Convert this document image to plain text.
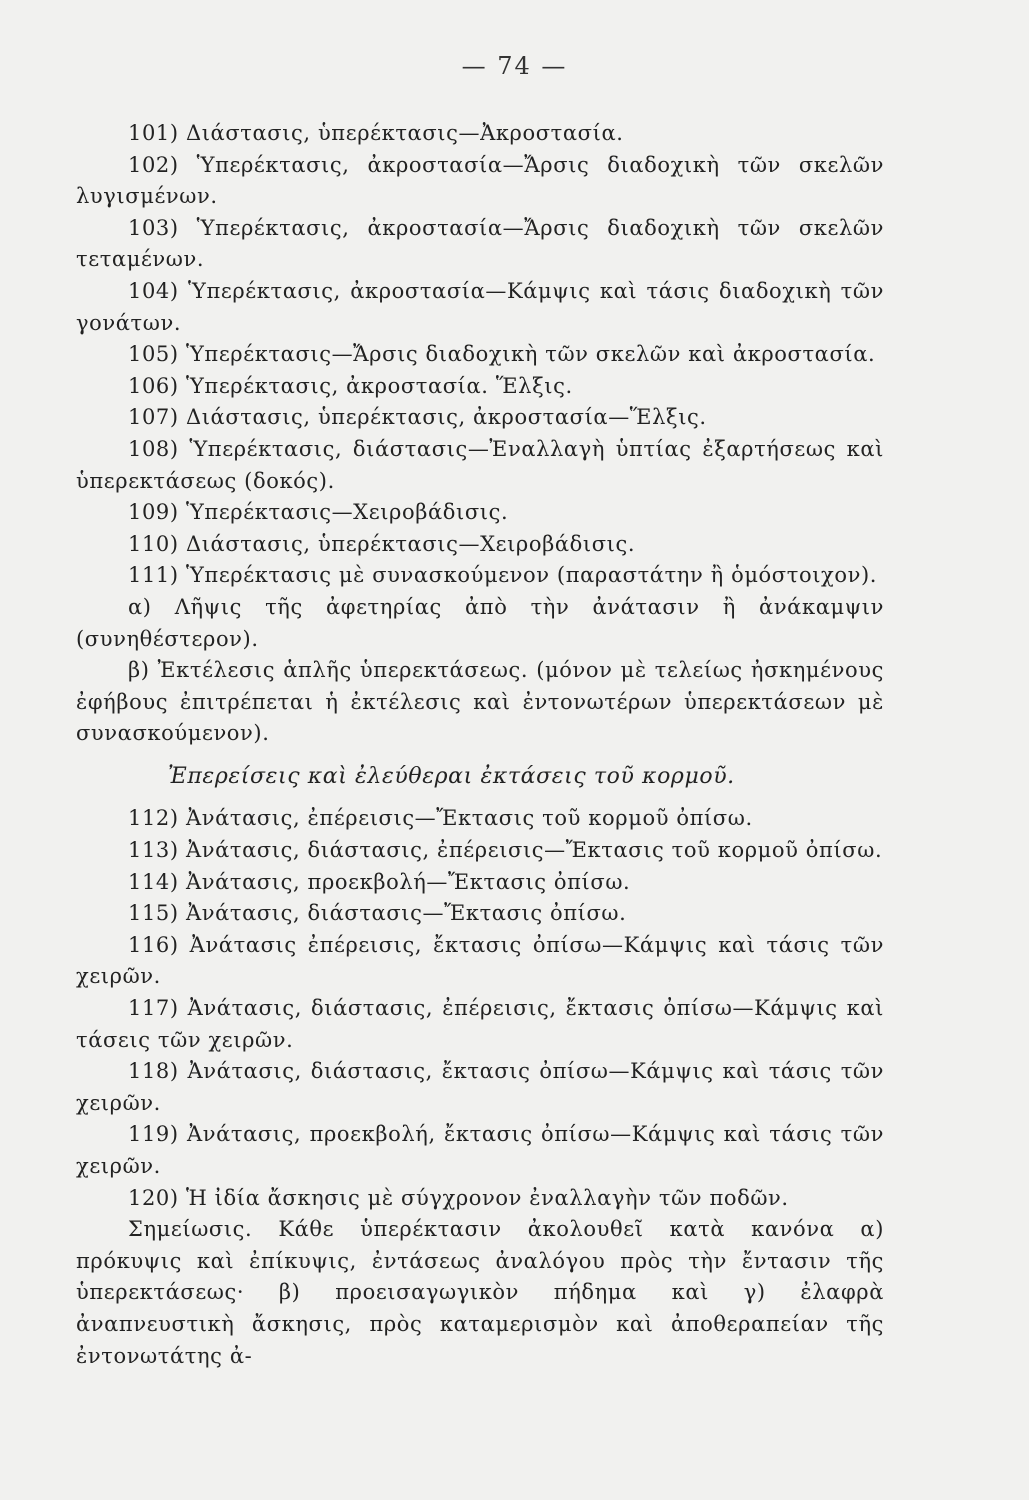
— 74 —

101) Διάστασις, ὑπερέκτασις—Ἀκροστασία.

102) Ὑπερέκτασις, ἀκροστασία—Ἄρσις διαδοχικὴ τῶν σκελῶν λυγισμένων.

103) Ὑπερέκτασις, ἀκροστασία—Ἄρσις διαδοχικὴ τῶν σκελῶν τεταμένων.

104) Ὑπερέκτασις, ἀκροστασία—Κάμψις καὶ τάσις διαδοχικὴ τῶν γονάτων.

105) Ὑπερέκτασις—Ἄρσις διαδοχικὴ τῶν σκελῶν καὶ ἀκροστασία.

106) Ὑπερέκτασις, ἀκροστασία. Ἕλξις.

107) Διάστασις, ὑπερέκτασις, ἀκροστασία—Ἕλξις.

108) Ὑπερέκτασις, διάστασις—Ἐναλλαγὴ ὑπτίας ἐξαρτήσεως καὶ ὑπερεκτάσεως (δοκός).

109) Ὑπερέκτασις—Χειροβάδισις.

110) Διάστασις, ὑπερέκτασις—Χειροβάδισις.

111) Ὑπερέκτασις μὲ συνασκούμενον (παραστάτην ἢ ὁμόστοιχον).

α) Λῆψις τῆς ἀφετηρίας ἀπὸ τὴν ἀνάτασιν ἢ ἀνάκαμψιν (συνηθέστερον).

β) Ἐκτέλεσις ἁπλῆς ὑπερεκτάσεως. (μόνον μὲ τελείως ἠσκημένους ἐφήβους ἐπιτρέπεται ἡ ἐκτέλεσις καὶ ἐντονωτέρων ὑπερεκτάσεων μὲ συνασκούμενον).

Ἐπερείσεις καὶ ἐλεύθεραι ἐκτάσεις τοῦ κορμοῦ.

112) Ἀνάτασις, ἐπέρεισις—Ἔκτασις τοῦ κορμοῦ ὀπίσω.

113) Ἀνάτασις, διάστασις, ἐπέρεισις—Ἔκτασις τοῦ κορμοῦ ὀπίσω.

114) Ἀνάτασις, προεκβολή—Ἔκτασις ὀπίσω.

115) Ἀνάτασις, διάστασις—Ἔκτασις ὀπίσω.

116) Ἀνάτασις ἐπέρεισις, ἔκτασις ὀπίσω—Κάμψις καὶ τάσις τῶν χειρῶν.

117) Ἀνάτασις, διάστασις, ἐπέρεισις, ἔκτασις ὀπίσω—Κάμψις καὶ τάσεις τῶν χειρῶν.

118) Ἀνάτασις, διάστασις, ἔκτασις ὀπίσω—Κάμψις καὶ τάσις τῶν χειρῶν.

119) Ἀνάτασις, προεκβολή, ἔκτασις ὀπίσω—Κάμψις καὶ τάσις τῶν χειρῶν.

120) Ἡ ἰδία ἄσκησις μὲ σύγχρονον ἐναλλαγὴν τῶν ποδῶν.

Σημείωσις. Κάθε ὑπερέκτασιν ἀκολουθεῖ κατὰ κανόνα α) πρόκυψις καὶ ἐπίκυψις, ἐντάσεως ἀναλόγου πρὸς τὴν ἔντασιν τῆς ὑπερεκτάσεως· β) προεισαγωγικὸν πήδημα καὶ γ) ἐλαφρὰ ἀναπνευστικὴ ἄσκησις, πρὸς καταμερισμὸν καὶ ἀποθεραπείαν τῆς ἐντονωτάτης ἀ-
